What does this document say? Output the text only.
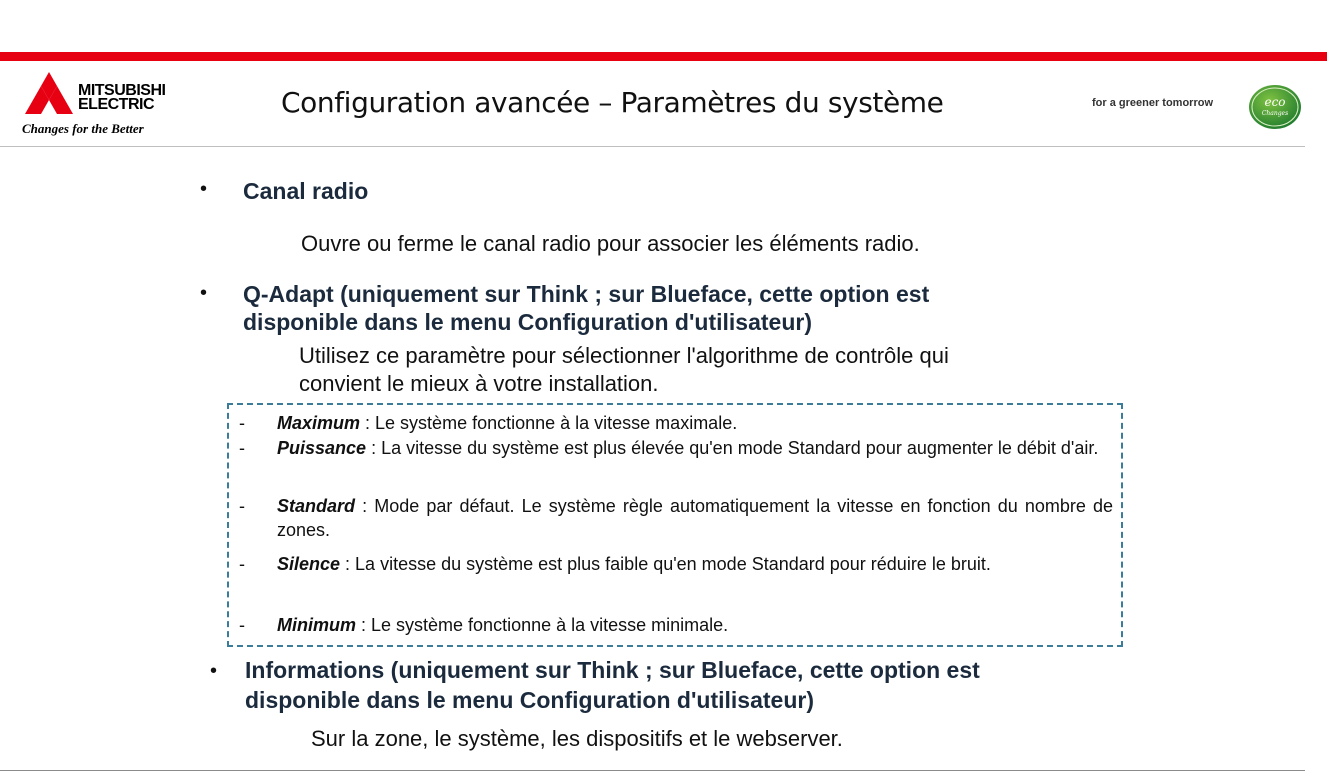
MITSUBISHI
ELECTRIC
Changes for the Better
Configuration avancée – Paramètres du système	for a greener tomorrow	eco
Changes
• Canal radio
Ouvre ou ferme le canal radio pour associer les éléments radio.
• Q-Adapt (uniquement sur Think ; sur Blueface, cette option est
disponible dans le menu Configuration d'utilisateur)
Utilisez ce paramètre pour sélectionner l'algorithme de contrôle qui
convient le mieux à votre installation.
- Maximum : Le système fonctionne à la vitesse maximale.
- Puissance : La vitesse du système est plus élevée qu'en mode Standard pour augmenter le débit d'air.
- Standard : Mode par défaut. Le système règle automatiquement la vitesse en fonction du nombre de zones.
- Silence : La vitesse du système est plus faible qu'en mode Standard pour réduire le bruit.
- Minimum : Le système fonctionne à la vitesse minimale.
• Informations (uniquement sur Think ; sur Blueface, cette option est
disponible dans le menu Configuration d'utilisateur)
Sur la zone, le système, les dispositifs et le webserver.
